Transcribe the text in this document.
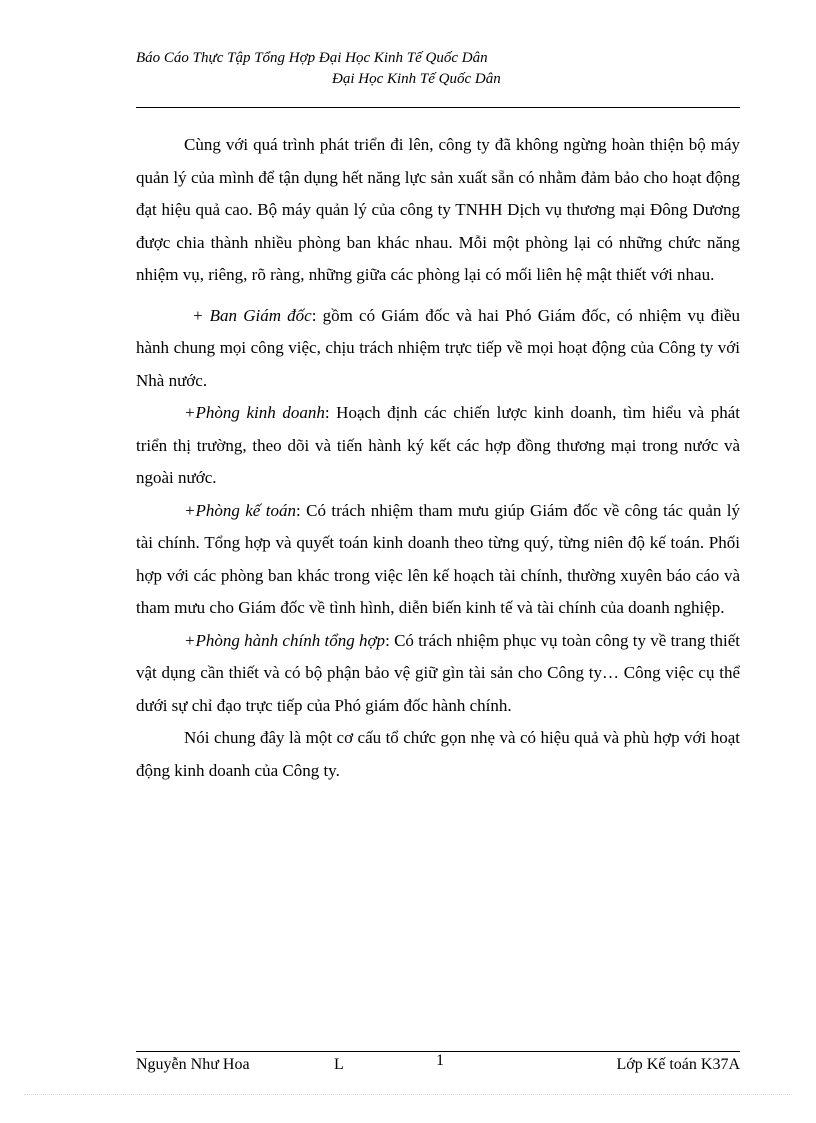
Báo Cáo Thực Tập Tổng Hợp Đại Học Kinh Tế Quốc Dân
Đại Học Kinh Tế Quốc Dân

Cùng với quá trình phát triển đi lên, công ty đã không ngừng hoàn thiện bộ máy quản lý của mình để tận dụng hết năng lực sản xuất sẵn có nhằm đảm bảo cho hoạt động đạt hiệu quả cao. Bộ máy quản lý của công ty TNHH Dịch vụ thương mại Đông Dương được chia thành nhiều phòng ban khác nhau. Mỗi một phòng lại có những chức năng nhiệm vụ, riêng, rõ ràng, những giữa các phòng lại có mối liên hệ mật thiết với nhau.

+ Ban Giám đốc: gồm có Giám đốc và hai Phó Giám đốc, có nhiệm vụ điều hành chung mọi công việc, chịu trách nhiệm trực tiếp về mọi hoạt động của Công ty với Nhà nước.

+Phòng kinh doanh: Hoạch định các chiến lược kinh doanh, tìm hiểu và phát triển thị trường, theo dõi và tiến hành ký kết các hợp đồng thương mại trong nước và ngoài nước.

+Phòng kế toán: Có trách nhiệm tham mưu giúp Giám đốc về công tác quản lý tài chính. Tổng hợp và quyết toán kinh doanh theo từng quý, từng niên độ kế toán. Phối hợp với các phòng ban khác trong việc lên kế hoạch tài chính, thường xuyên báo cáo và tham mưu cho Giám đốc về tình hình, diễn biến kinh tế và tài chính của doanh nghiệp.

+Phòng hành chính tổng hợp: Có trách nhiệm phục vụ toàn công ty về trang thiết vật dụng cần thiết và có bộ phận bảo vệ giữ gìn tài sản cho Công ty… Công việc cụ thể dưới sự chỉ đạo trực tiếp của Phó giám đốc hành chính.

Nói chung đây là một cơ cấu tổ chức gọn nhẹ và có hiệu quả và phù hợp với hoạt động kinh doanh của Công ty.

Nguyễn Như Hoa	L	1	Lớp Kế toán K37A
